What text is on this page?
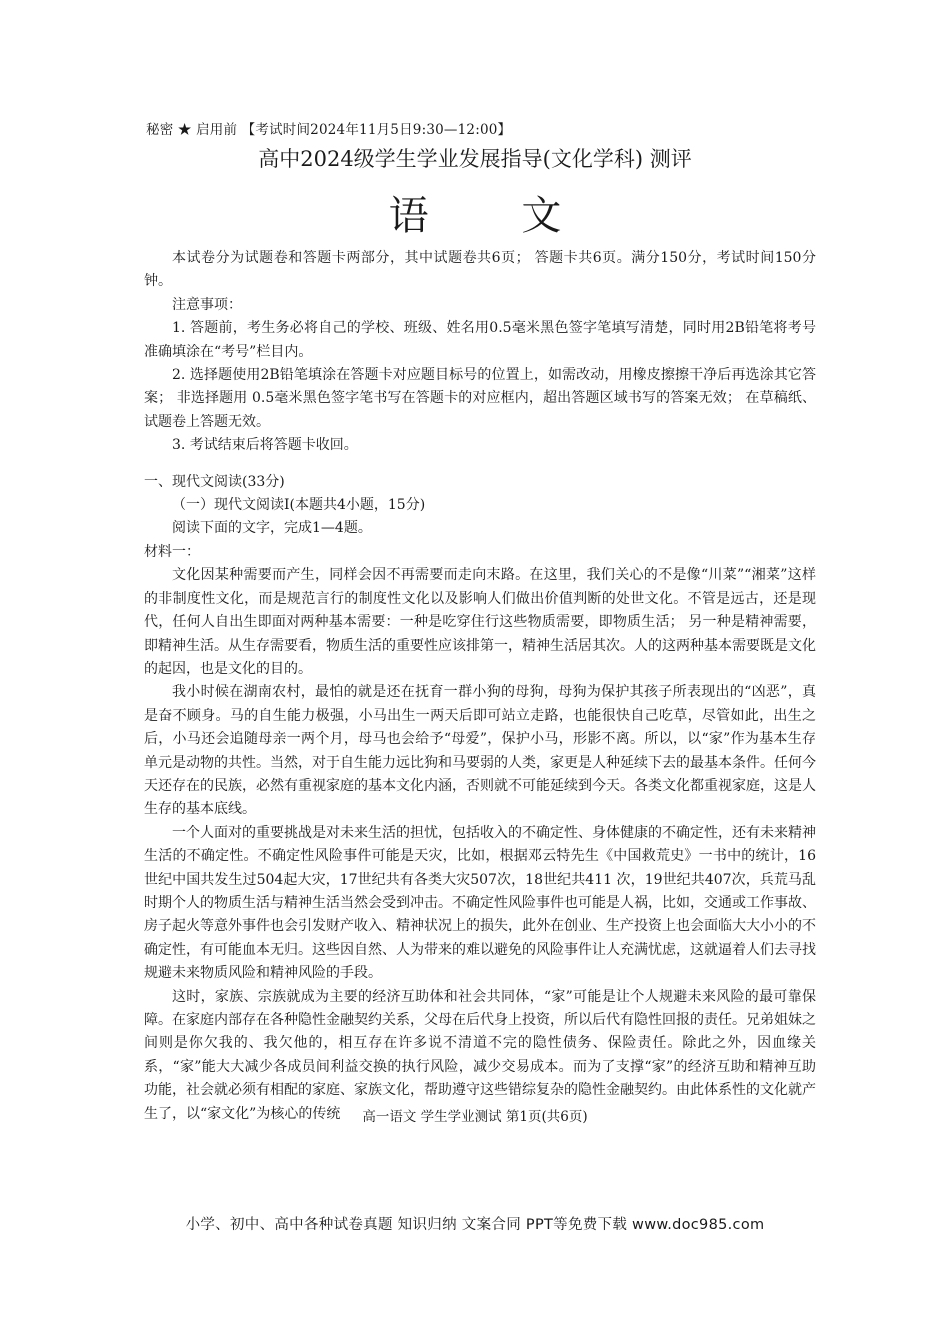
秘密 ★ 启用前 【考试时间2024年11月5日9:30—12:00】
高中2024级学生学业发展指导(文化学科) 测评
语 文

本试卷分为试题卷和答题卡两部分，其中试题卷共6页； 答题卡共6页。满分150分，考试时间150分钟。

注意事项：

1. 答题前，考生务必将自己的学校、班级、姓名用0.5毫米黑色签字笔填写清楚，同时用2B铅笔将考号准确填涂在“考号”栏目内。

2. 选择题使用2B铅笔填涂在答题卡对应题目标号的位置上，如需改动，用橡皮擦擦干净后再选涂其它答案； 非选择题用 0.5毫米黑色签字笔书写在答题卡的对应框内，超出答题区域书写的答案无效； 在草稿纸、试题卷上答题无效。

3. 考试结束后将答题卡收回。

一、现代文阅读(33分)

（一）现代文阅读Ⅰ(本题共4小题，15分)

阅读下面的文字，完成1—4题。

材料一：

文化因某种需要而产生，同样会因不再需要而走向末路。在这里，我们关心的不是像“川菜”“湘菜”这样的非制度性文化，而是规范言行的制度性文化以及影响人们做出价值判断的处世文化。不管是远古，还是现代，任何人自出生即面对两种基本需要：一种是吃穿住行这些物质需要，即物质生活； 另一种是精神需要，即精神生活。从生存需要看，物质生活的重要性应该排第一，精神生活居其次。人的这两种基本需要既是文化的起因，也是文化的目的。

我小时候在湖南农村，最怕的就是还在抚育一群小狗的母狗，母狗为保护其孩子所表现出的“凶恶”，真是奋不顾身。马的自生能力极强，小马出生一两天后即可站立走路，也能很快自己吃草，尽管如此，出生之后，小马还会追随母亲一两个月，母马也会给予“母爱”，保护小马，形影不离。所以，以“家”作为基本生存单元是动物的共性。当然，对于自生能力远比狗和马要弱的人类，家更是人种延续下去的最基本条件。任何今天还存在的民族，必然有重视家庭的基本文化内涵，否则就不可能延续到今天。各类文化都重视家庭，这是人生存的基本底线。

一个人面对的重要挑战是对未来生活的担忧，包括收入的不确定性、身体健康的不确定性，还有未来精神生活的不确定性。不确定性风险事件可能是天灾，比如，根据邓云特先生《中国救荒史》一书中的统计，16世纪中国共发生过504起大灾，17世纪共有各类大灾507次，18世纪共411 次，19世纪共407次，兵荒马乱时期个人的物质生活与精神生活当然会受到冲击。不确定性风险事件也可能是人祸，比如，交通或工作事故、房子起火等意外事件也会引发财产收入、精神状况上的损失，此外在创业、生产投资上也会面临大大小小的不确定性，有可能血本无归。这些因自然、人为带来的难以避免的风险事件让人充满忧虑，这就逼着人们去寻找规避未来物质风险和精神风险的手段。

这时，家族、宗族就成为主要的经济互助体和社会共同体，“家”可能是让个人规避未来风险的最可靠保障。在家庭内部存在各种隐性金融契约关系，父母在后代身上投资，所以后代有隐性回报的责任。兄弟姐妹之间则是你欠我的、我欠他的，相互存在许多说不清道不完的隐性债务、保险责任。除此之外，因血缘关系，“家”能大大减少各成员间利益交换的执行风险，减少交易成本。而为了支撑“家”的经济互助和精神互助功能，社会就必须有相配的家庭、家族文化，帮助遵守这些错综复杂的隐性金融契约。由此体系性的文化就产生了，以“家文化”为核心的传统	高一语文 学生学业测试 第1页(共6页)
小学、初中、高中各种试卷真题 知识归纳 文案合同 PPT等免费下载 www.doc985.com
